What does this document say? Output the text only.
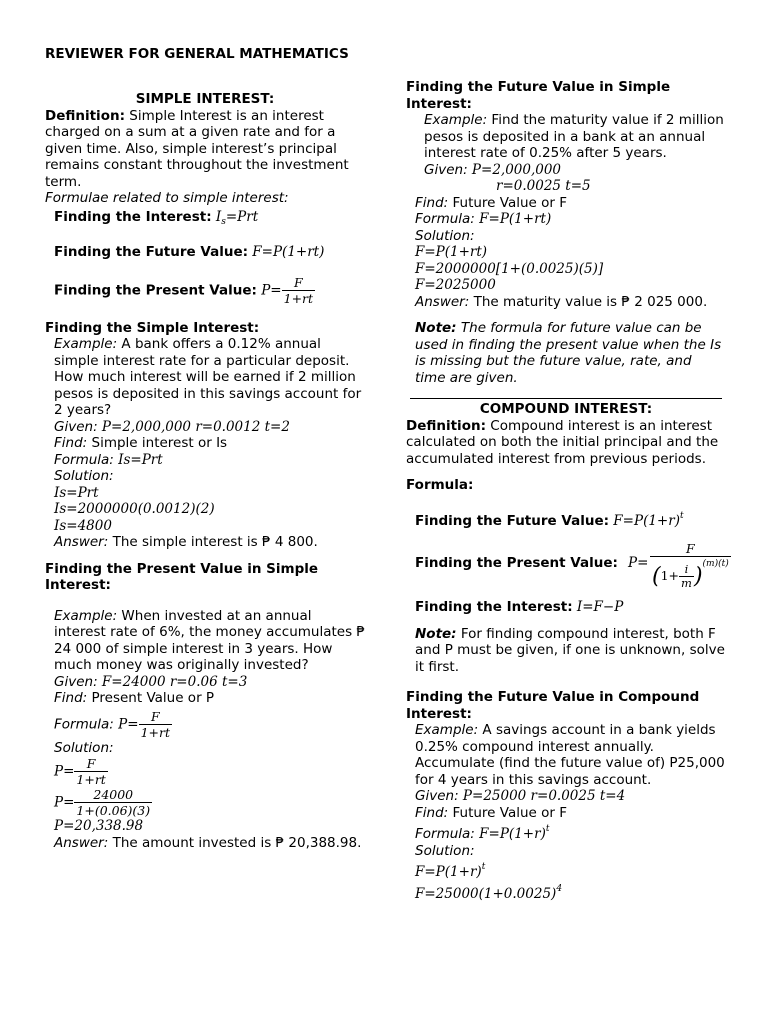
REVIEWER FOR GENERAL MATHEMATICS
SIMPLE INTEREST:
Definition: Simple Interest is an interest charged on a sum at a given rate and for a given time. Also, simple interest’s principal remains constant throughout the investment term.
Formulae related to simple interest:
Finding the Interest: $I_s=Prt$
Finding the Future Value: F=P(1+rt)
Finding the Present Value: $P= \frac{F}{1+rt}$
Finding the Simple Interest:
Example: A bank offers a 0.12% annual simple interest rate for a particular deposit. How much interest will be earned if 2 million pesos is deposited in this savings account for 2 years?
Given: P=2,000,000 r=0.0012 t=2
Find: Simple interest or Is
Formula: Is=Prt
Solution:
Is=Prt
Is=2000000(0.0012)(2)
Is=4800
Answer: The simple interest is ₱ 4 800.
Finding the Present Value in Simple Interest:
Example: When invested at an annual interest rate of 6%, the money accumulates ₱ 24 000 of simple interest in 3 years. How much money was originally invested?
Given: F=24000 r=0.06 t=3
Find: Present Value or P
Formula: $P= \frac{F}{1+rt}$
Solution:
$P= \frac{F}{1+rt}$
$P= \frac{24000}{1+(0.06)(3)}$
P=20,338.98
Answer: The amount invested is ₱ 20,388.98.
Finding the Future Value in Simple Interest:
Example: Find the maturity value if 2 million pesos is deposited in a bank at an annual interest rate of 0.25% after 5 years.
Given: P=2,000,000
r=0.0025 t=5
Find: Future Value or F
Formula: F=P(1+rt)
Solution:
F=P(1+rt)
F=2000000[1+(0.0025)(5)]
F=2025000
Answer: The maturity value is ₱ 2 025 000.
Note: The formula for future value can be used in finding the present value when the Is is missing but the future value, rate, and time are given.
COMPOUND INTEREST:
Definition: Compound interest is an interest calculated on both the initial principal and the accumulated interest from previous periods.
Formula:
Finding the Future Value: $F=P(1+r)^t$
Finding the Present Value: $P= \frac{F}{(1+ \frac{i}{m} )^{(m)(t)}}$
Finding the Interest: I=F−P
Note: For finding compound interest, both F and P must be given, if one is unknown, solve it first.
Finding the Future Value in Compound Interest:
Example: A savings account in a bank yields 0.25% compound interest annually. Accumulate (find the future value of) P25,000 for 4 years in this savings account.
Given: P=25000 r=0.0025 t=4
Find: Future Value or F
Formula: $F=P(1+r)^t$
Solution:
$F=P(1+r)^t$
$F=25000(1+0.0025)^4$
